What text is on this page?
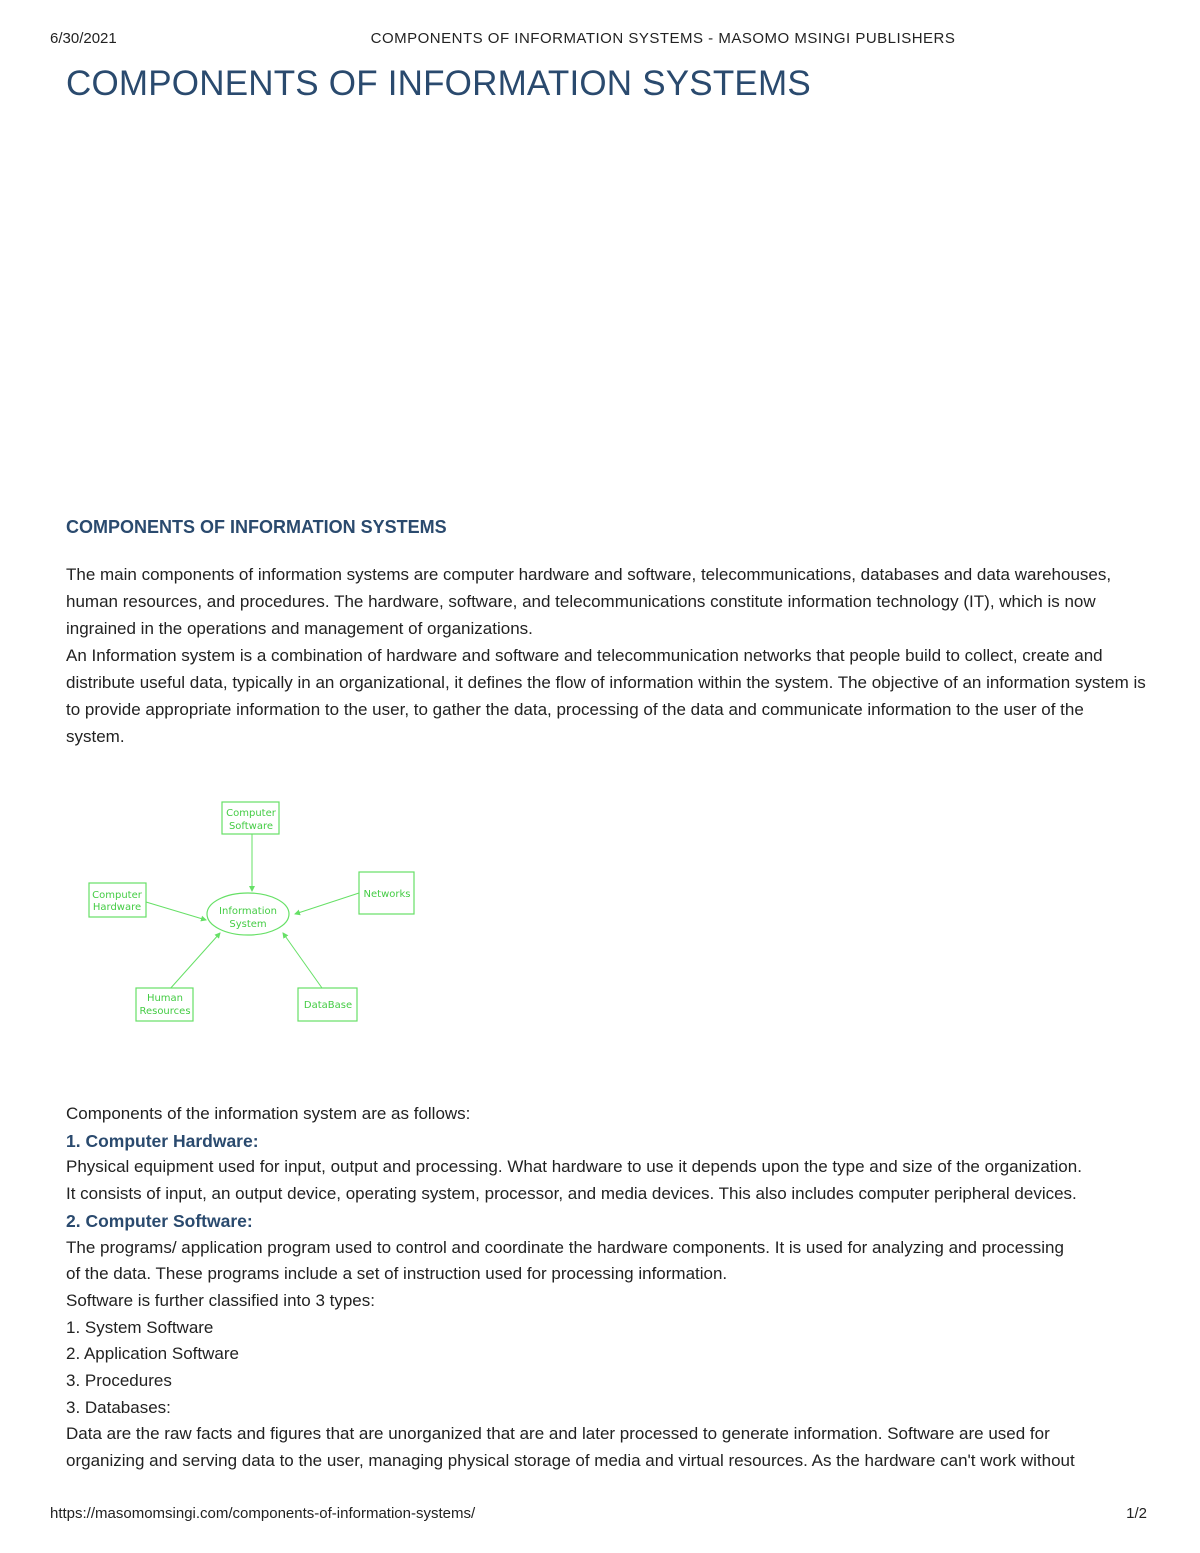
6/30/2021	COMPONENTS OF INFORMATION SYSTEMS - MASOMO MSINGI PUBLISHERS
COMPONENTS OF INFORMATION SYSTEMS
COMPONENTS OF INFORMATION SYSTEMS

The main components of information systems are computer hardware and software, telecommunications, databases and data warehouses, human resources, and procedures. The hardware, software, and telecommunications constitute information technology (IT), which is now ingrained in the operations and management of organizations.

An Information system is a combination of hardware and software and telecommunication networks that people build to collect, create and distribute useful data, typically in an organizational, it defines the flow of information within the system. The objective of an information system is to provide appropriate information to the user, to gather the data, processing of the data and communicate information to the user of the system.

Information
System
Computer
Software
Computer
Hardware
Networks
Human
Resources
DataBase

Components of the information system are as follows:

1. Computer Hardware:

Physical equipment used for input, output and processing. What hardware to use it depends upon the type and size of the organization.

It consists of input, an output device, operating system, processor, and media devices. This also includes computer peripheral devices.

2. Computer Software:

The programs/ application program used to control and coordinate the hardware components. It is used for analyzing and processing

of the data. These programs include a set of instruction used for processing information.

Software is further classified into 3 types:

1. System Software

2. Application Software

3. Procedures

3. Databases:

Data are the raw facts and figures that are unorganized that are and later processed to generate information. Software are used for

organizing and serving data to the user, managing physical storage of media and virtual resources. As the hardware can't work without

https://masomomsingi.com/components-of-information-systems/	1/2
